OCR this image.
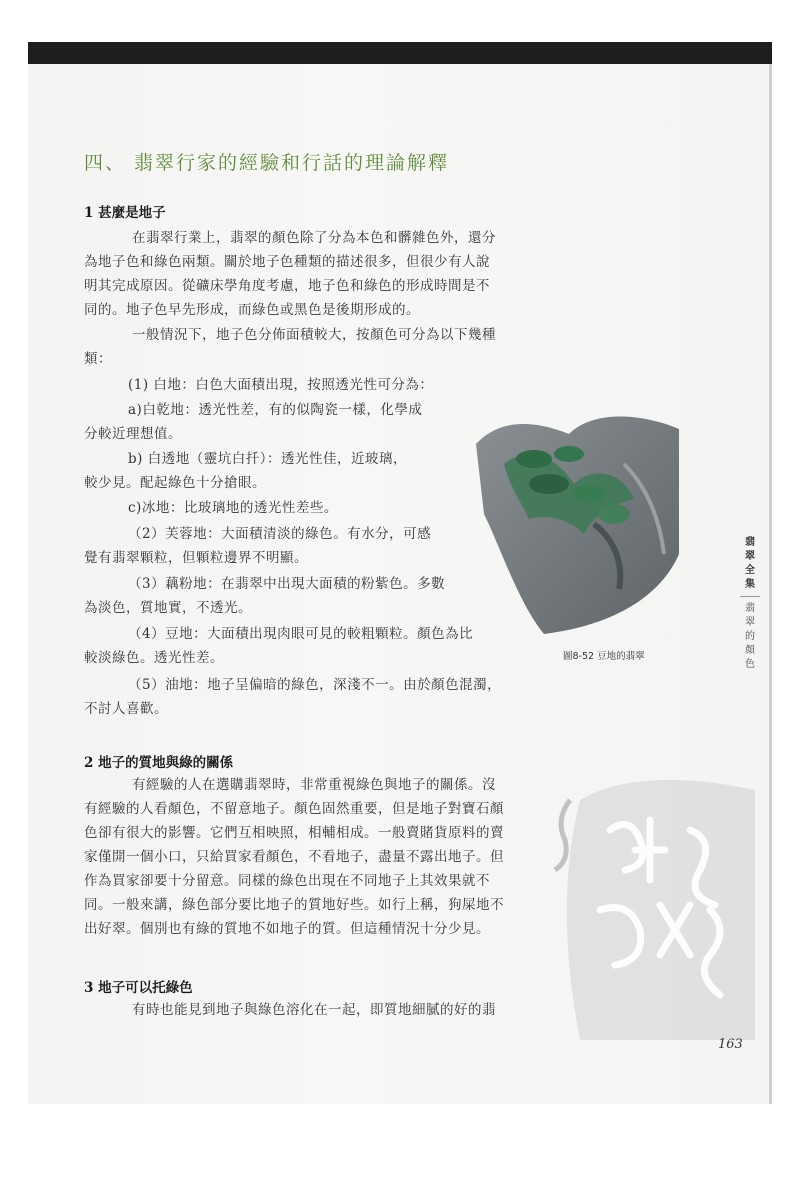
四、 翡翠行家的經驗和行話的理論解釋
1 甚麼是地子
在翡翠行業上，翡翠的顏色除了分為本色和髒雜色外，還分
為地子色和綠色兩類。關於地子色種類的描述很多，但很少有人說
明其完成原因。從礦床學角度考慮，地子色和綠色的形成時間是不
同的。地子色早先形成，而綠色或黑色是後期形成的。
一般情況下，地子色分佈面積較大，按顏色可分為以下幾種
類：
(1) 白地：白色大面積出現，按照透光性可分為：
a)白乾地：透光性差，有的似陶瓷一樣，化學成
分較近理想值。
b) 白透地（靈坑白扦）：透光性佳，近玻璃，
較少見。配起綠色十分搶眼。
c)冰地：比玻璃地的透光性差些。
（2）芙蓉地：大面積清淡的綠色。有水分，可感
覺有翡翠顆粒，但顆粒邊界不明顯。
（3）藕粉地：在翡翠中出現大面積的粉紫色。多數
為淡色，質地實，不透光。
（4）豆地：大面積出現肉眼可見的較粗顆粒。顏色為比
較淡綠色。透光性差。
（5）油地：地子呈偏暗的綠色，深淺不一。由於顏色混濁，
不討人喜歡。
圖8-52 豆地的翡翠
翡翠全集
翡翠的顏色
2 地子的質地與綠的關係
有經驗的人在選購翡翠時，非常重視綠色與地子的關係。沒
有經驗的人看顏色，不留意地子。顏色固然重要，但是地子對寶石顏
色卻有很大的影響。它們互相映照，相輔相成。一般賣賭貨原料的賣
家僅開一個小口，只給買家看顏色，不看地子，盡量不露出地子。但
作為買家卻要十分留意。同樣的綠色出現在不同地子上其效果就不
同。一般來講，綠色部分要比地子的質地好些。如行上稱，狗屎地不
出好翠。個別也有綠的質地不如地子的質。但這種情況十分少見。
3 地子可以托綠色
有時也能見到地子與綠色溶化在一起，即質地細膩的好的翡
163
